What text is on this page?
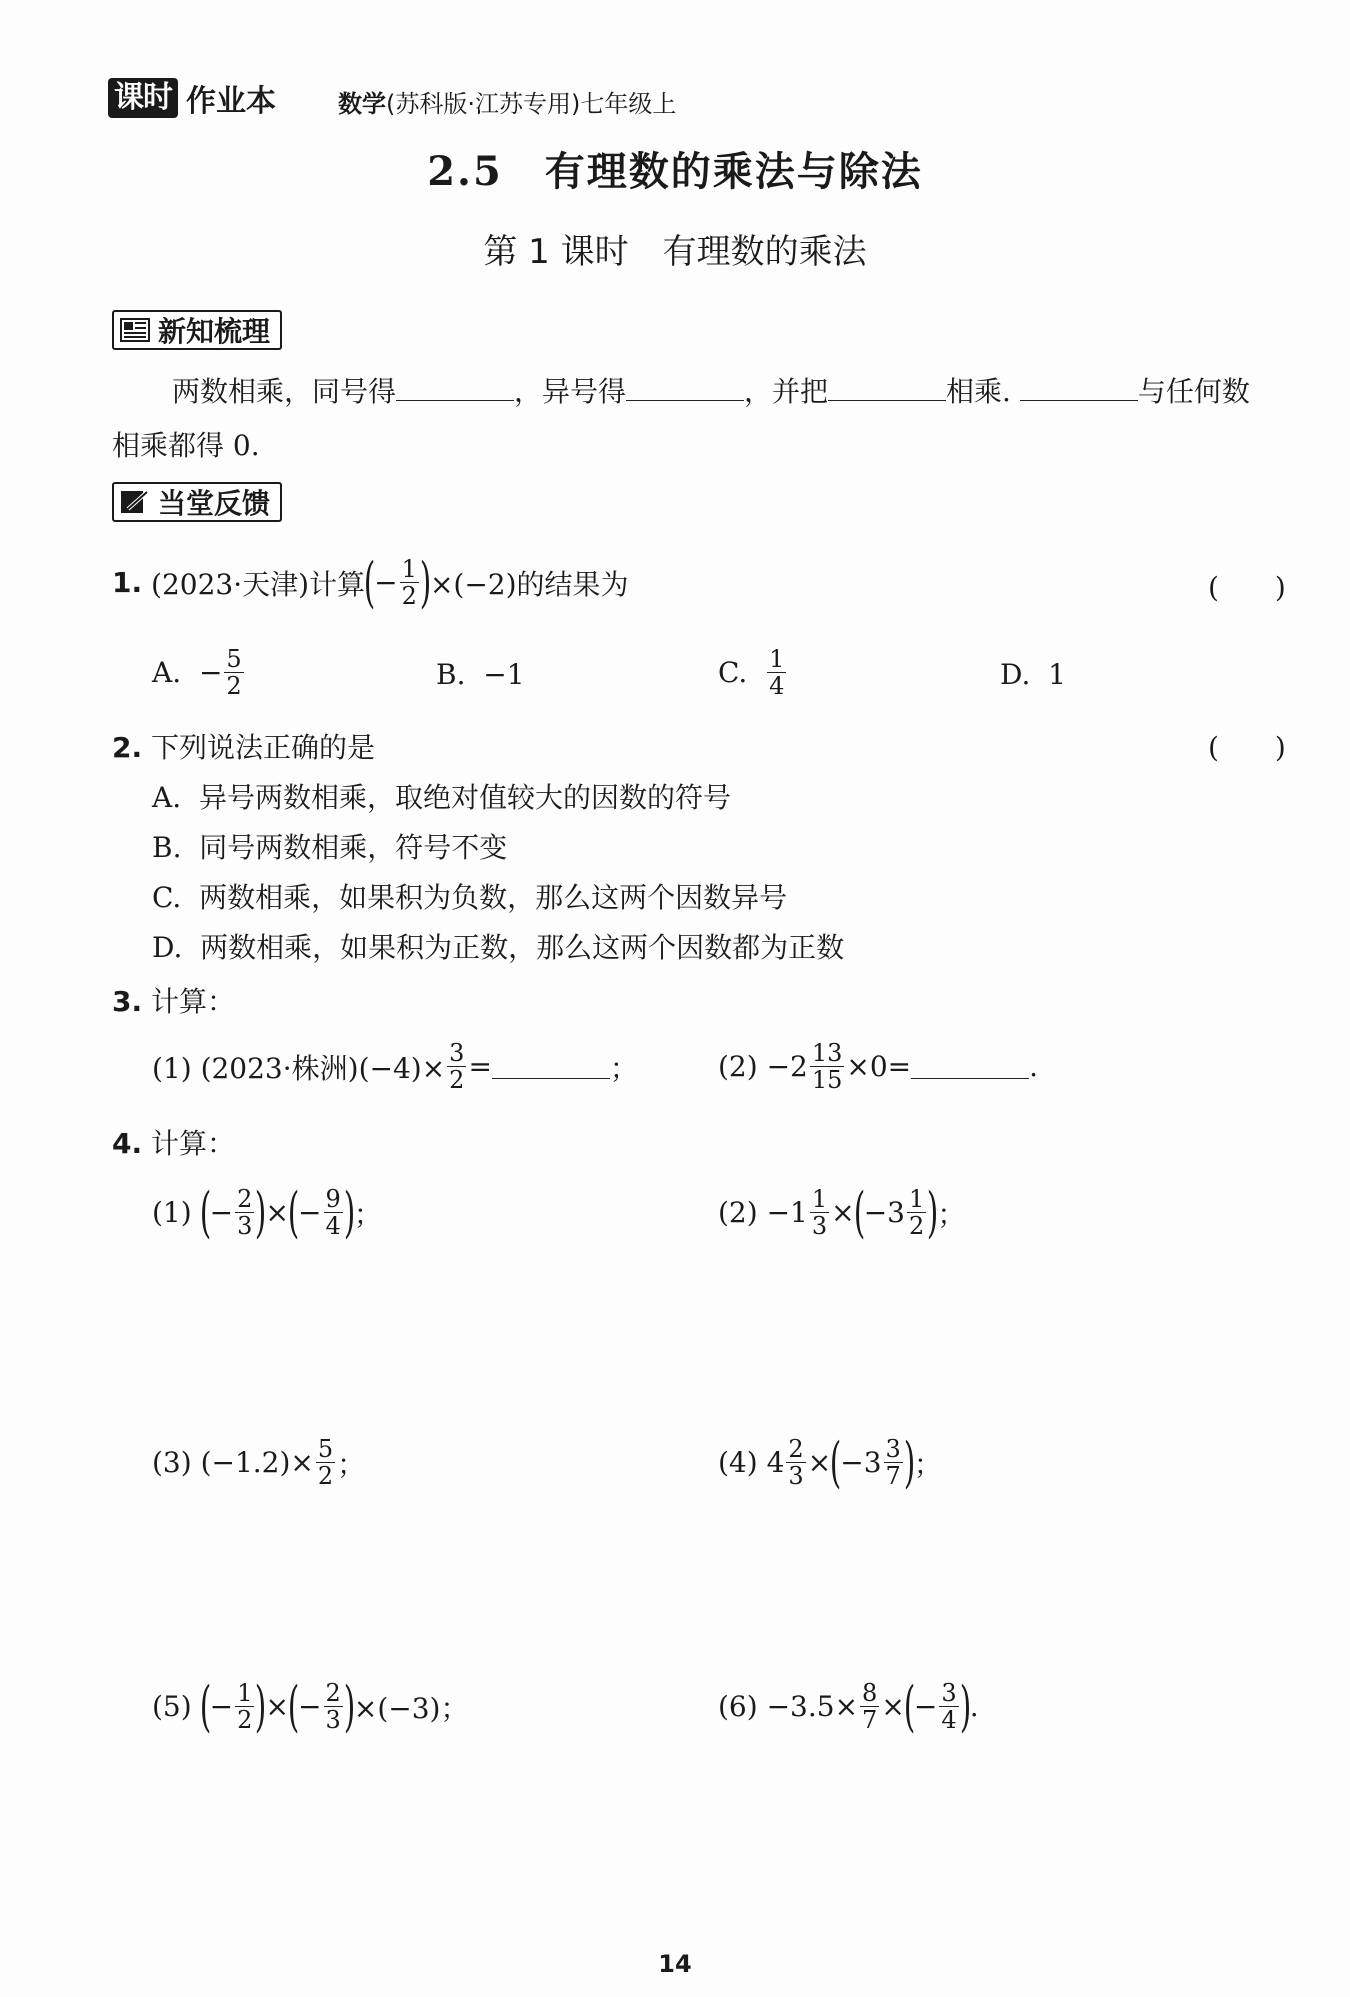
课时 作业本	数学(苏科版·江苏专用)七年级上
2.5　有理数的乘法与除法
第 1 课时　有理数的乘法
新知梳理
两数相乘，同号得	，异号得	，并把	相乘.	与任何数
相乘都得 0.
当堂反馈
1.
(2023·天津)计算
(
− $\frac{1}{2}$ )
×(−2)的结果为	(　　)
A.
− $\frac{5}{2}$	B. −1	C.
$\frac{1}{4}$	D. 1
2. 下列说法正确的是	(　　)
A. 异号两数相乘，取绝对值较大的因数的符号
B. 同号两数相乘，符号不变
C. 两数相乘，如果积为负数，那么这两个因数异号
D. 两数相乘，如果积为正数，那么这两个因数都为正数
3. 计算：
(1) (2023·株洲)$(-4)\times \frac{3}{2}$ =	；	$(2) -2 \frac{13}{15} \times 0=$	.
4. 计算：
(1)
(
− $\frac{2}{3}$ )
×
(
− $\frac{9}{4}$ )
；	(2)
$-1 \frac{1}{3}$ ×
(
$-3 \frac{1}{2}$ )
；
(3)
$(-1.2)\times \frac{5}{2}$ ；	(4)
$4 \frac{2}{3}$ ×
(
$-3 \frac{3}{7}$ )
；
(5)
(
− $\frac{1}{2}$ )
×
(
− $\frac{2}{3}$ )
×(−3)；	(6)
$-3.5\times \frac{8}{7}$ ×
(
− $\frac{3}{4}$ )
.
14
